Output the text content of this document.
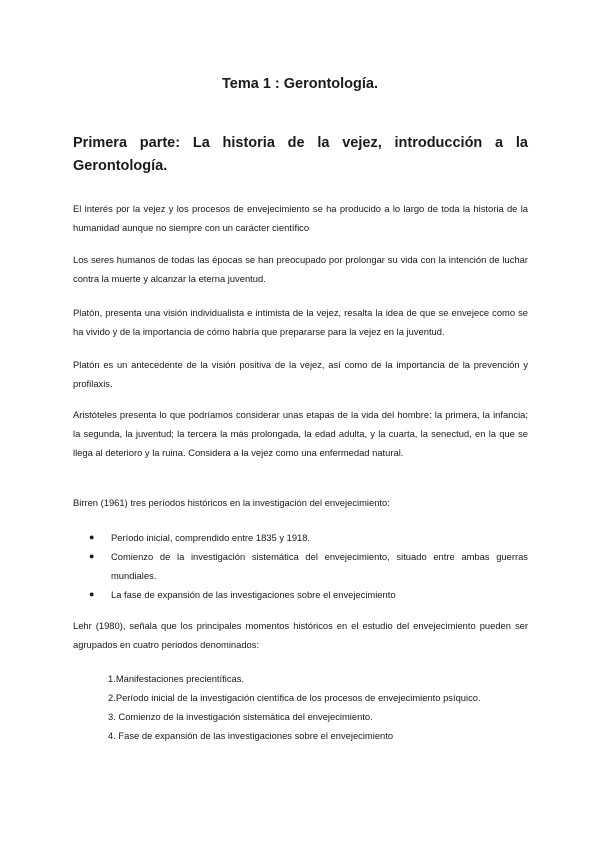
Tema 1 : Gerontología.
Primera parte: La historia de la vejez, introducción a la Gerontología.

El interés por la vejez y los procesos de envejecimiento se ha producido a lo largo de toda la historia de la humanidad aunque no siempre con un carácter científico

Los seres humanos de todas las épocas se han preocupado por prolongar su vida con la intención de luchar contra la muerte y alcanzar la eterna juventud.

Platón, presenta una visión individualista e intimista de la vejez, resalta la idea de que se envejece como se ha vivido y de la importancia de cómo habría que prepararse para la vejez en la juventud.

Platón es un antecedente de la visión positiva de la vejez, así como de la importancia de la prevención y profilaxis.

Aristóteles presenta lo que podríamos considerar unas etapas de la vida del hombre: la primera, la infancia; la segunda, la juventud; la tercera la más prolongada, la edad adulta, y la cuarta, la senectud, en la que se llega al deterioro y la ruina. Considera a la vejez como una enfermedad natural.

Birren (1961) tres períodos históricos en la investigación del envejecimiento:

● Período inicial, comprendido entre 1835 y 1918.
● Comienzo de la investigación sistemática del envejecimiento, situado entre ambas guerras mundiales.
● La fase de expansión de las investigaciones sobre el envejecimiento

Lehr (1980), señala que los principales momentos históricos en el estudio del envejecimiento pueden ser agrupados en cuatro periodos denominados:

1.Manifestaciones precientíficas.
2.Período inicial de la investigación científica de los procesos de envejecimiento psíquico.
3. Comienzo de la investigación sistemática del envejecimiento.
4. Fase de expansión de las investigaciones sobre el envejecimiento
